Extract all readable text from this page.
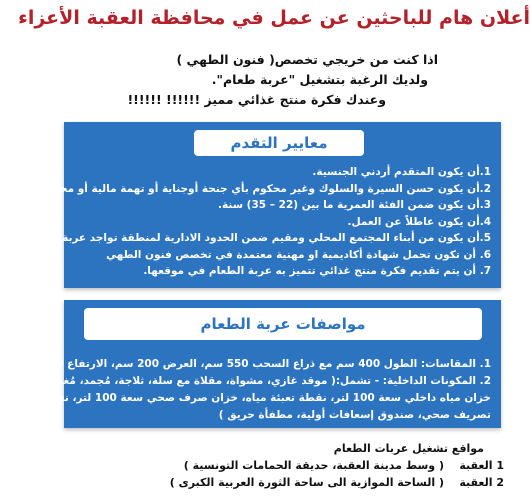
أعلان هام للباحثين عن عمل في محافظة العقبة الأعزاء

اذا كنت من خريجي تخصص( فنون الطهي )

ولديك الرغبة بتشغيل "عربة طعام".

وعندك فكرة منتج غذائي مميز !!!!!! !!!!!!

معايير التقدم
1.أن يكون المتقدم أردني الجنسية.
2.أن يكون حسن السيرة والسلوك وغير محكوم بأي جنحة أوجناية أو تهمة مالية أو مخلة بالشرف.
3.أن يكون ضمن الفئة العمرية ما بين (22 – 35) سنة.
4.أن يكون عاطلاً عن العمل.
5.أن يكون من أبناء المجتمع المحلي ومقيم ضمن الحدود الادارية لمنطقة تواجد عربة الطعام.
6. أن تكون تحمل شهادة أكاديمية او مهنية معتمدة في تخصص فنون الطهي
7. أن يتم تقديم فكرة منتج غذائي تتميز به عربة الطعام في موقعها.
مواصفات عربة الطعام
1. المقاسات: الطول 400 سم مع ذراع السحب 550 سم، العرض 200 سم، الارتفاع 280سم.
2. المكونات الداخلية: - تشمل:( موقد غازي، مشواة، مقلاة مع سلة، ثلاجة، مُجمد، مُغسلة،
خزان مياه داخلي سعة 100 لتر، نقطة تعبئة مياه، خزان صرف صحي سعة 100 لتر، نقطة
تصريف صحي، صندوق إسعافات أولية، مطفأة حريق )
مواقع تشغيل عربات الطعام
1 العقبة
( وسط مدينة العقبة، حديقة الحمامات التونسية )
2 العقبة
( الساحة الموازية الى ساحة الثورة العربية الكبرى )
